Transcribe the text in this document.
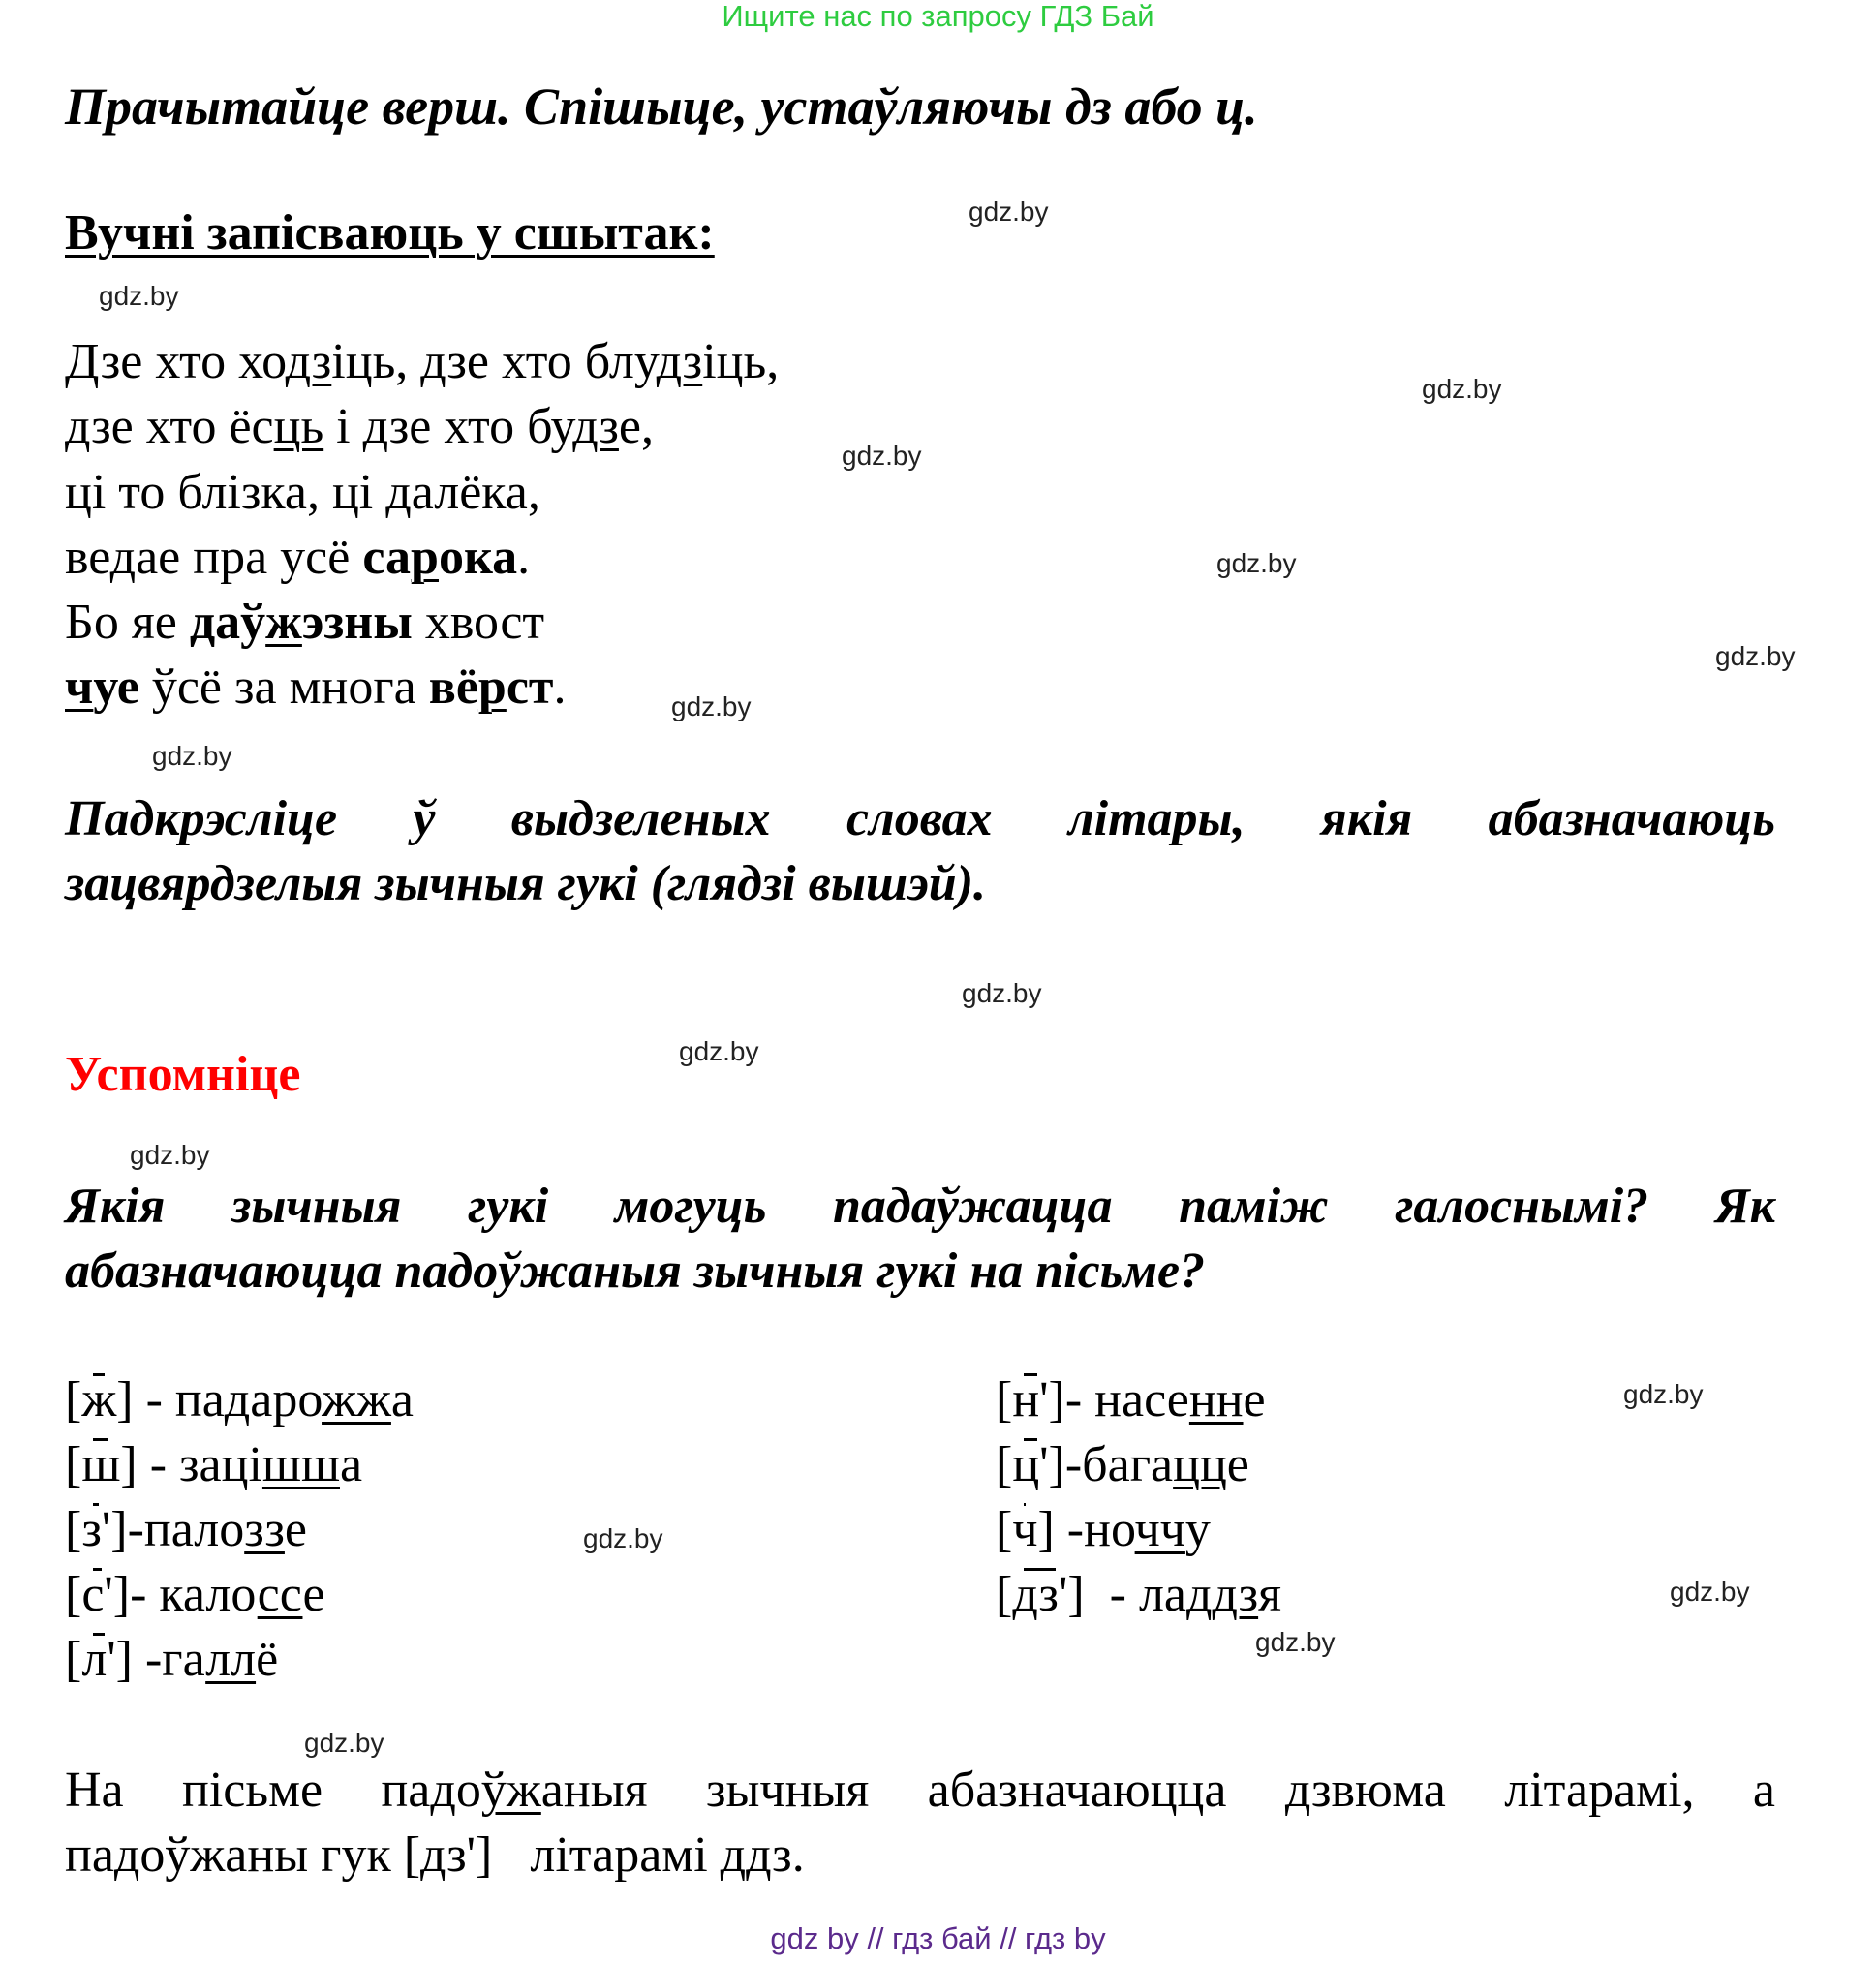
Ищите нас по запросу ГДЗ Бай
Прачытайце верш. Спішыце, устаўляючы дз або ц.
Вучні запісваюць у сшытак:
Дзе хто ходзіць, дзе хто блудзіць,
дзе хто ёсць і дзе хто будзе,
ці то блізка, ці далёка,
ведае пра усё сарока.
Бо яе даўжэзны хвост
чуе ўсё за многа вёрст.
Падкрэсліце ў выдзеленых словах літары, якія абазначаюць
зацвярдзелыя зычныя гукі (глядзі вышэй).
Успомніце
Якія зычныя гукі могуць падаўжацца паміж галоснымі? Як
абазначаюцца падоўжаныя зычныя гукі на пісьме?
[ж] - падарожжа
[ш] - зацішша
[з']-палоззе
[с']- калоссе
[л'] -галлё
[н']- насенне
[ц']-багацце
[ч] -ноччу
[дз']  - ладдзя
На пісьме падоўжаныя зычныя абазначаюцца дзвюма літарамі, а
падоўжаны гук [дз']   літарамі ддз.
gdz.by
gdz.by
gdz.by
gdz.by
gdz.by
gdz.by
gdz.by
gdz.by
gdz.by
gdz.by
gdz.by
gdz.by
gdz.by
gdz.by
gdz.by
gdz.by
gdz by // гдз бай // гдз by
